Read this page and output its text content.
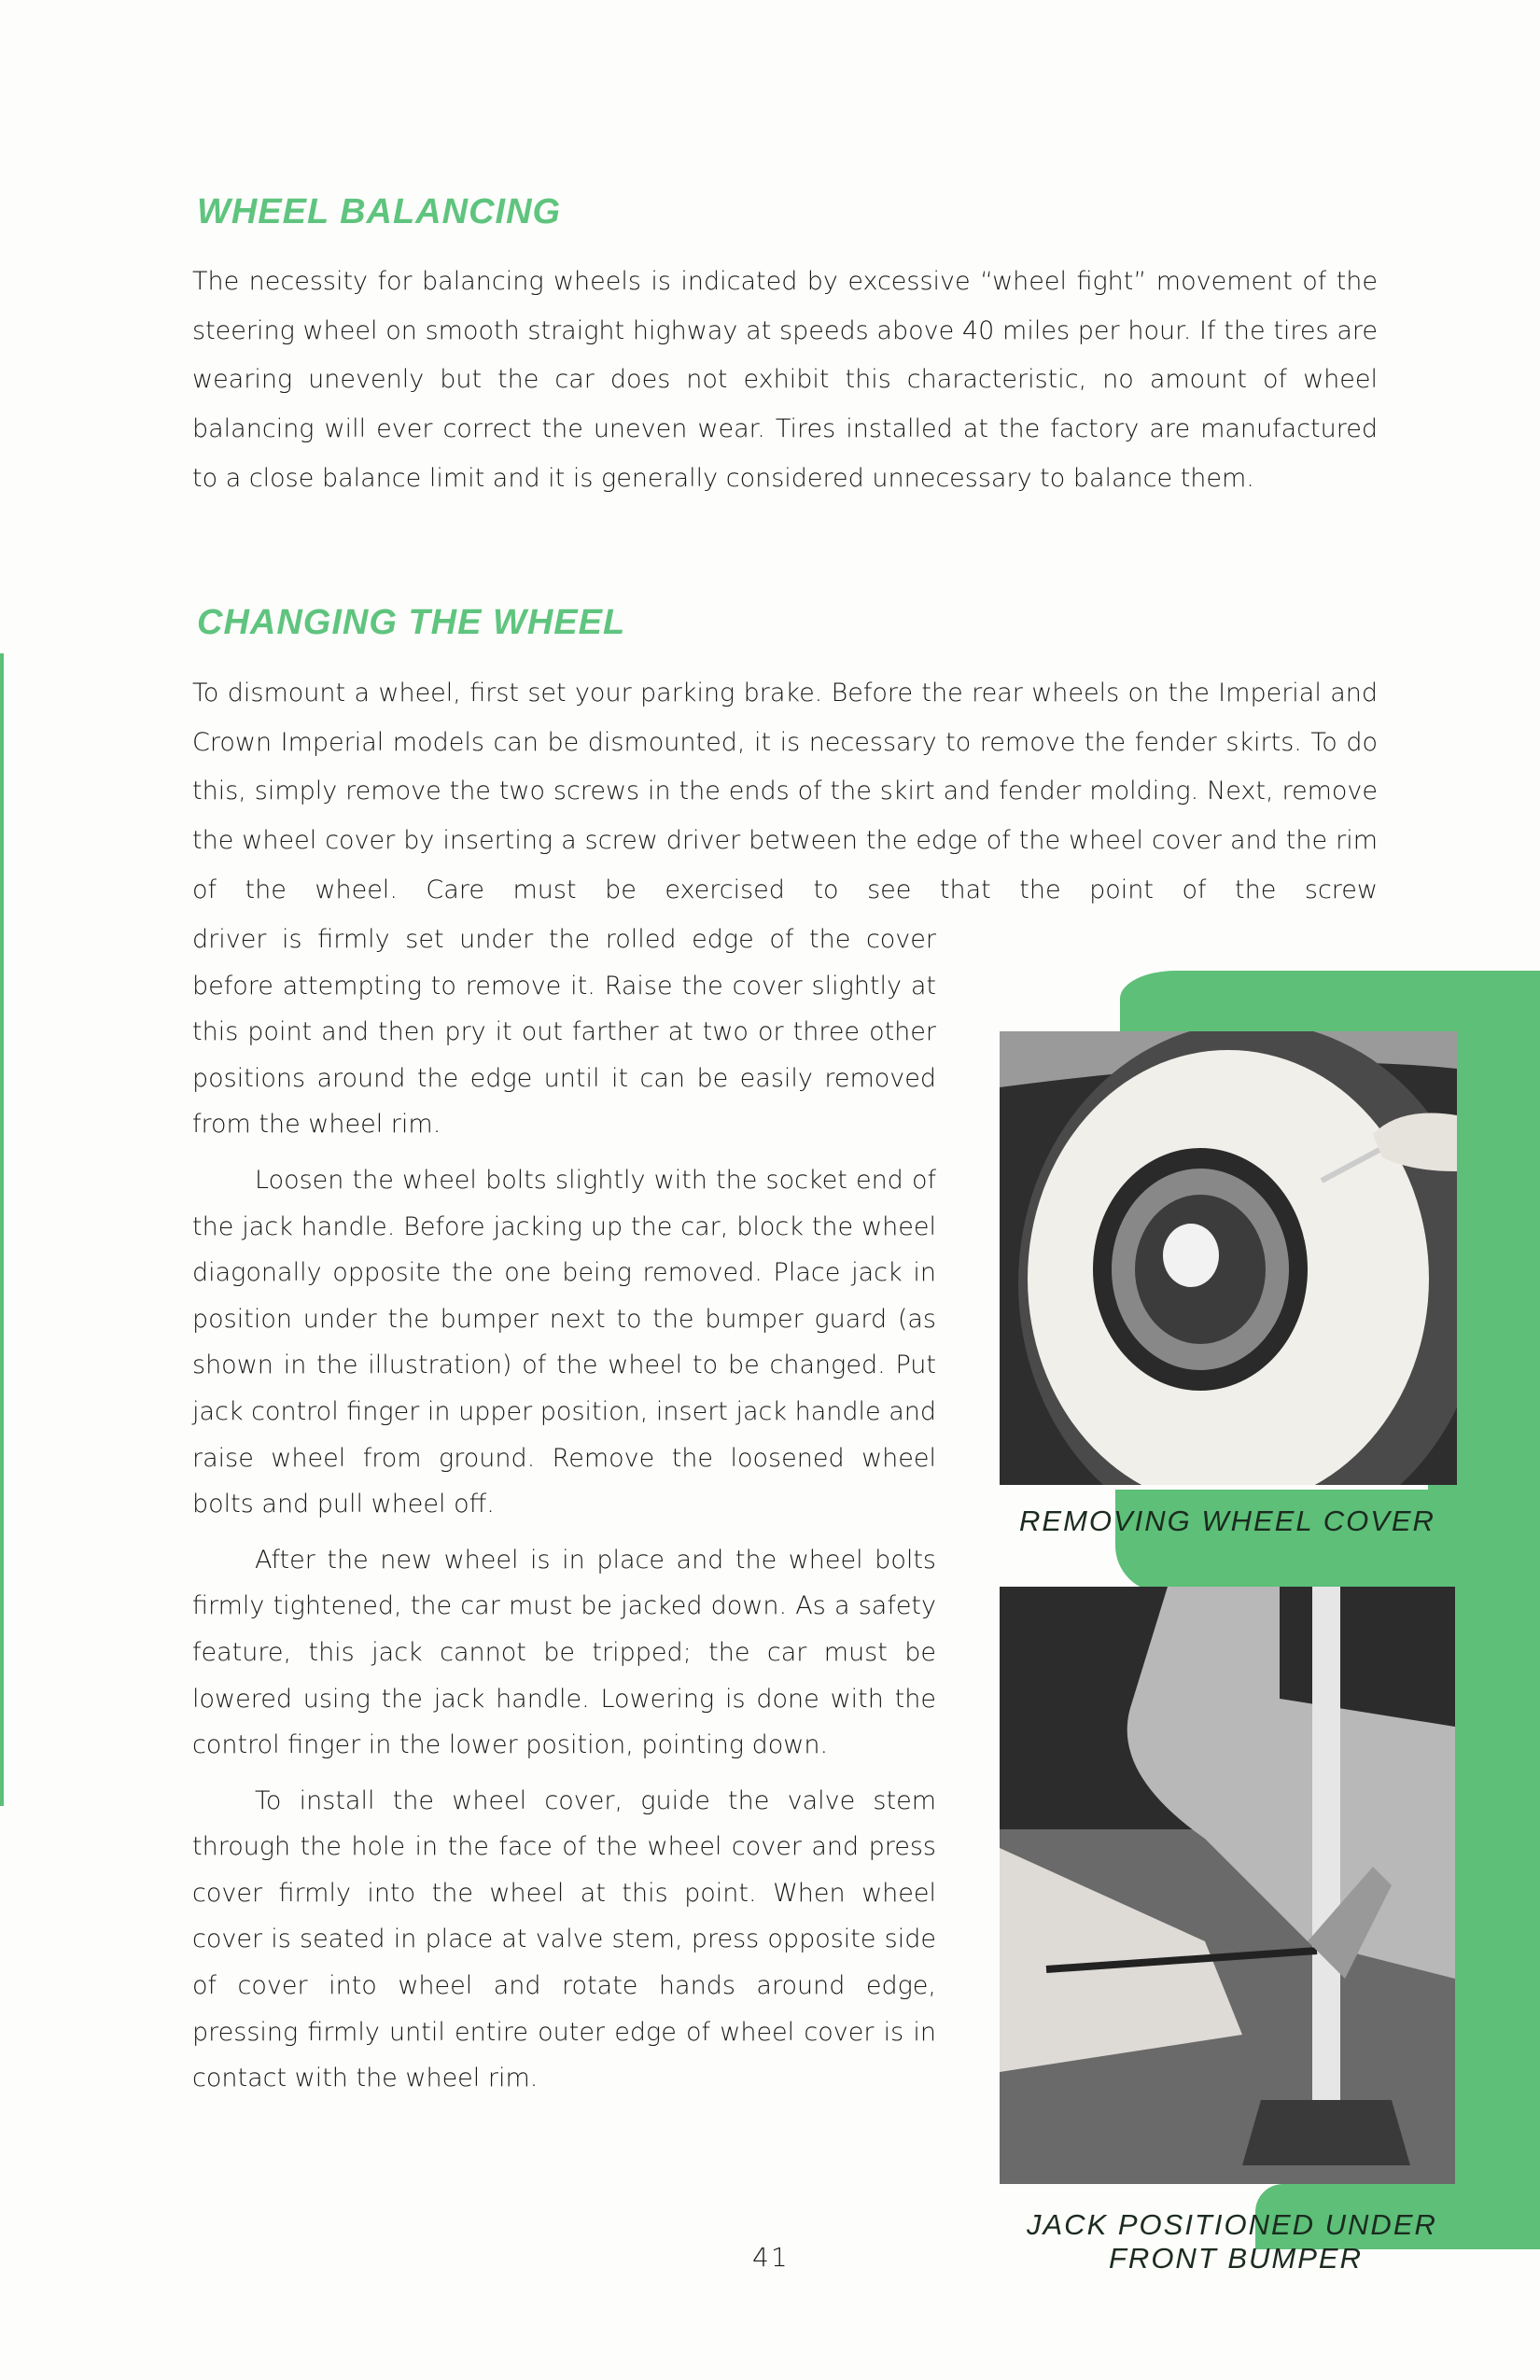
WHEEL BALANCING

The necessity for balancing wheels is indicated by excessive “wheel fight” movement of the steering wheel on smooth straight highway at speeds above 40 miles per hour. If the tires are wearing unevenly but the car does not exhibit this characteristic, no amount of wheel balancing will ever correct the uneven wear. Tires installed at the factory are manufactured to a close balance limit and it is generally considered unnecessary to balance them.

CHANGING THE WHEEL

To dismount a wheel, first set your parking brake. Before the rear wheels on the Imperial and Crown Imperial models can be dismounted, it is necessary to remove the fender skirts. To do this, simply remove the two screws in the ends of the skirt and fender molding. Next, remove the wheel cover by inserting a screw driver between the edge of the wheel cover and the rim of the wheel. Care must be exercised to see that the point of the screw

driver is firmly set under the rolled edge of the cover before attempting to remove it. Raise the cover slightly at this point and then pry it out farther at two or three other positions around the edge until it can be easily removed from the wheel rim.

Loosen the wheel bolts slightly with the socket end of the jack handle. Before jacking up the car, block the wheel diagonally opposite the one being removed. Place jack in position under the bumper next to the bumper guard (as shown in the illustration) of the wheel to be changed. Put jack control finger in upper position, insert jack handle and raise wheel from ground. Remove the loosened wheel bolts and pull wheel off.

After the new wheel is in place and the wheel bolts firmly tightened, the car must be jacked down. As a safety feature, this jack cannot be tripped; the car must be lowered using the jack handle. Lowering is done with the control finger in the lower position, pointing down.

To install the wheel cover, guide the valve stem through the hole in the face of the wheel cover and press cover firmly into the wheel at this point. When wheel cover is seated in place at valve stem, press opposite side of cover into wheel and rotate hands around edge, pressing firmly until entire outer edge of wheel cover is in contact with the wheel rim.

REMOVING WHEEL COVER
JACK POSITIONED UNDER
FRONT BUMPER
41
